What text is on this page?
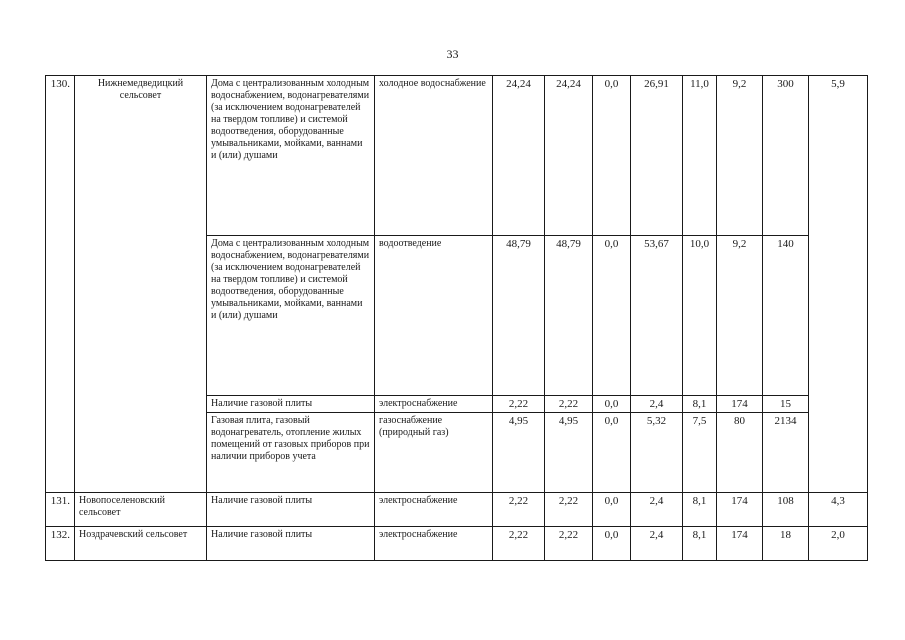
33
130.	Нижнемедведицкий сельсовет	Дома с централизованным холодным водоснабжением, водонагревателями (за исключением водонагревателей на твердом топливе) и системой водоотведения, оборудованные умывальниками, мойками, ваннами и (или) душами	холодное водоснабжение	24,24	24,24	0,0	26,91	11,0	9,2	300	5,9
		Дома с централизованным холодным водоснабжением, водонагревателями (за исключением водонагревателей на твердом топливе) и системой водоотведения, оборудованные умывальниками, мойками, ваннами и (или) душами	водоотведение	48,79	48,79	0,0	53,67	10,0	9,2	140	
		Наличие газовой плиты	электроснабжение	2,22	2,22	0,0	2,4	8,1	174	15	
		Газовая плита, газовый водонагреватель, отопление жилых помещений от газовых приборов при наличии приборов учета	газоснабжение (природный газ)	4,95	4,95	0,0	5,32	7,5	80	2134	
131.	Новопоселеновский сельсовет	Наличие газовой плиты	электроснабжение	2,22	2,22	0,0	2,4	8,1	174	108	4,3
132.	Ноздрачевский сельсовет	Наличие газовой плиты	электроснабжение	2,22	2,22	0,0	2,4	8,1	174	18	2,0
